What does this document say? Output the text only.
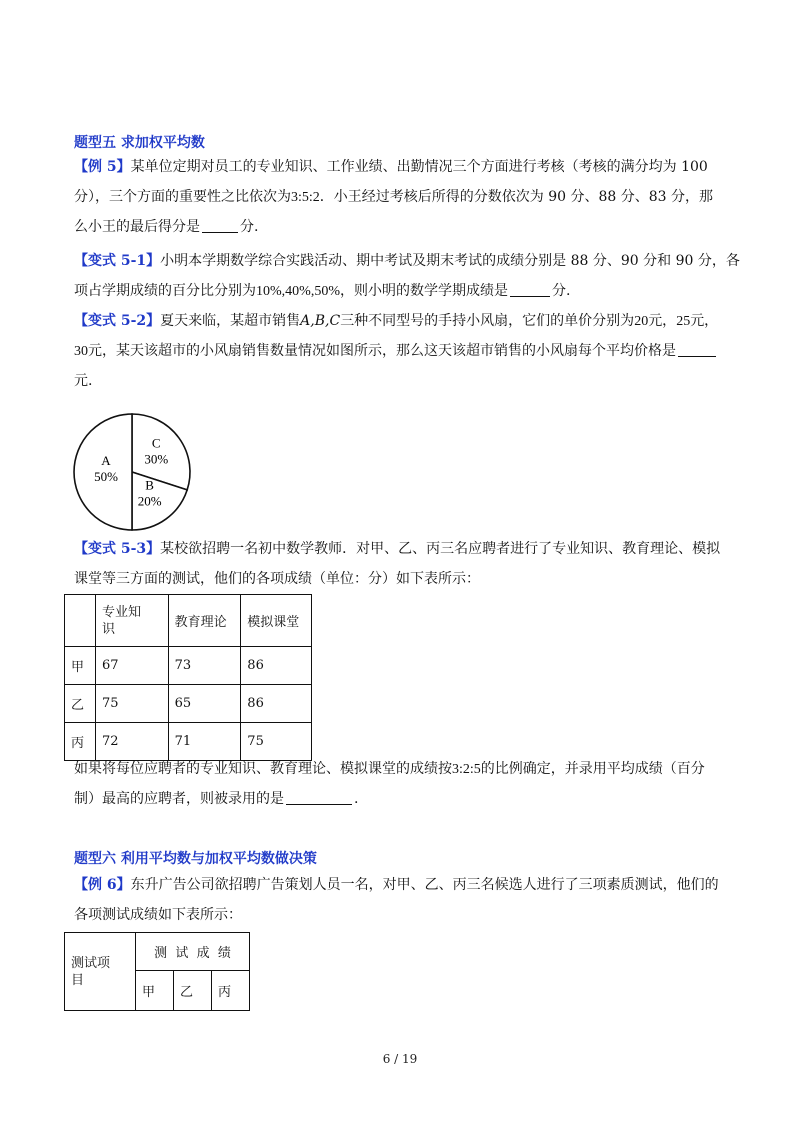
题型五 求加权平均数
【例 5】某单位定期对员工的专业知识、工作业绩、出勤情况三个方面进行考核（考核的满分均为 100
分），三个方面的重要性之比依次为3:5:2．小王经过考核后所得的分数依次为 90 分、88 分、83 分，那
么小王的最后得分是	分.
【变式 5-1】小明本学期数学综合实践活动、期中考试及期末考试的成绩分别是 88 分、90 分和 90 分，各
项占学期成绩的百分比分别为10%,40%,50%，则小明的数学学期成绩是	分.
【变式 5-2】夏天来临，某超市销售A,B,C三种不同型号的手持小风扇，它们的单价分别为20元，25元，
30元，某天该超市的小风扇销售数量情况如图所示，那么这天该超市销售的小风扇每个平均价格是
元.
C
30%
B
20%
A
50%
【变式 5-3】某校欲招聘一名初中数学教师．对甲、乙、丙三名应聘者进行了专业知识、教育理论、模拟
课堂等三方面的测试，他们的各项成绩（单位：分）如下表所示：
	专业知
识	教育理论	模拟课堂
甲	67	73	86
乙	75	65	86
丙	72	71	75
如果将每位应聘者的专业知识、教育理论、模拟课堂的成绩按3:2:5的比例确定，并录用平均成绩（百分
制）最高的应聘者，则被录用的是	.
题型六 利用平均数与加权平均数做决策
【例 6】东升广告公司欲招聘广告策划人员一名，对甲、乙、丙三名候选人进行了三项素质测试，他们的
各项测试成绩如下表所示：
测试项
目	测  试  成  绩		
	甲	乙	丙
6 / 19
